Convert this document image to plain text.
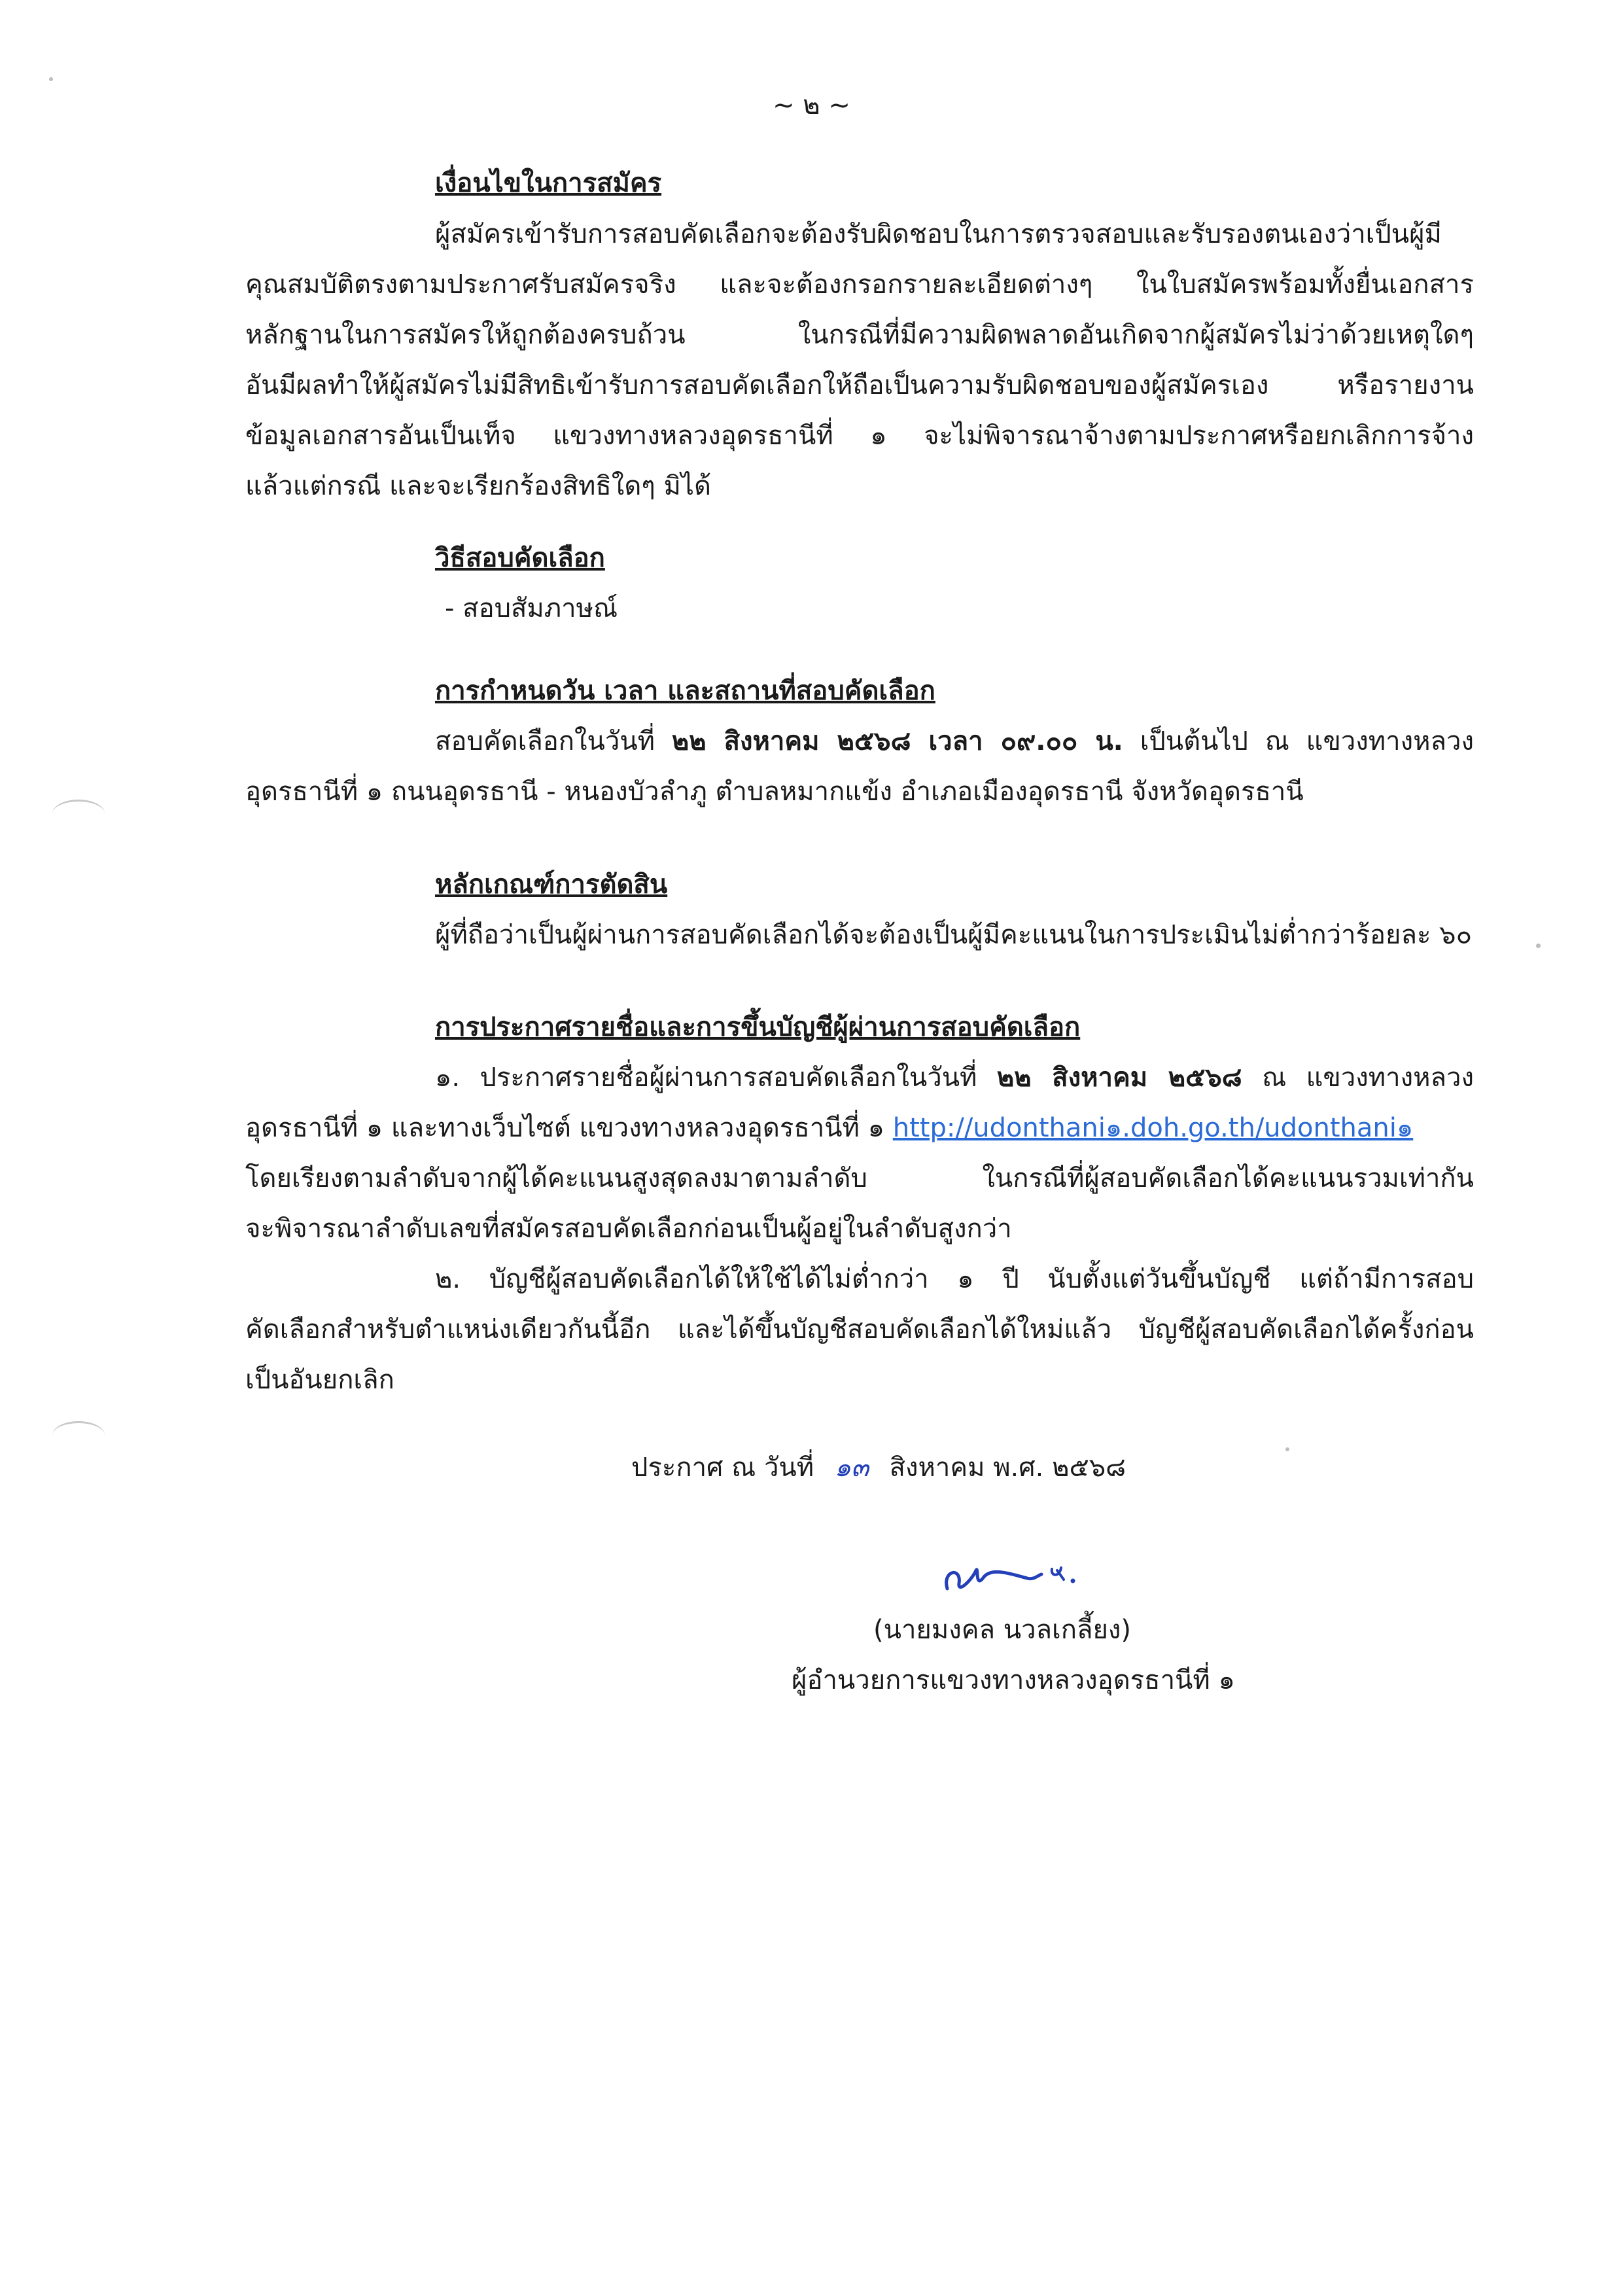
~ ๒ ~
เงื่อนไขในการสมัคร
ผู้สมัครเข้ารับการสอบคัดเลือกจะต้องรับผิดชอบในการตรวจสอบและรับรองตนเองว่าเป็นผู้มี
คุณสมบัติตรงตามประกาศรับสมัครจริง และจะต้องกรอกรายละเอียดต่างๆ ในใบสมัครพร้อมทั้งยื่นเอกสาร
หลักฐานในการสมัครให้ถูกต้องครบถ้วน ในกรณีที่มีความผิดพลาดอันเกิดจากผู้สมัครไม่ว่าด้วยเหตุใดๆ
อันมีผลทำให้ผู้สมัครไม่มีสิทธิเข้ารับการสอบคัดเลือกให้ถือเป็นความรับผิดชอบของผู้สมัครเอง หรือรายงาน
ข้อมูลเอกสารอันเป็นเท็จ แขวงทางหลวงอุดรธานีที่ ๑ จะไม่พิจารณาจ้างตามประกาศหรือยกเลิกการจ้าง
แล้วแต่กรณี และจะเรียกร้องสิทธิใดๆ มิได้
วิธีสอบคัดเลือก
- สอบสัมภาษณ์
การกำหนดวัน เวลา และสถานที่สอบคัดเลือก
สอบคัดเลือกในวันที่ ๒๒ สิงหาคม ๒๕๖๘ เวลา ๐๙.๐๐ น. เป็นต้นไป ณ แขวงทางหลวง
อุดรธานีที่ ๑ ถนนอุดรธานี - หนองบัวลำภู ตำบลหมากแข้ง อำเภอเมืองอุดรธานี จังหวัดอุดรธานี
หลักเกณฑ์การตัดสิน
ผู้ที่ถือว่าเป็นผู้ผ่านการสอบคัดเลือกได้จะต้องเป็นผู้มีคะแนนในการประเมินไม่ต่ำกว่าร้อยละ ๖๐
การประกาศรายชื่อและการขึ้นบัญชีผู้ผ่านการสอบคัดเลือก
๑. ประกาศรายชื่อผู้ผ่านการสอบคัดเลือกในวันที่ ๒๒ สิงหาคม ๒๕๖๘ ณ แขวงทางหลวง
อุดรธานีที่ ๑ และทางเว็บไซต์ แขวงทางหลวงอุดรธานีที่ ๑ http://udonthani๑.doh.go.th/udonthani๑
โดยเรียงตามลำดับจากผู้ได้คะแนนสูงสุดลงมาตามลำดับ ในกรณีที่ผู้สอบคัดเลือกได้คะแนนรวมเท่ากัน
จะพิจารณาลำดับเลขที่สมัครสอบคัดเลือกก่อนเป็นผู้อยู่ในลำดับสูงกว่า
๒. บัญชีผู้สอบคัดเลือกได้ให้ใช้ได้ไม่ต่ำกว่า ๑ ปี นับตั้งแต่วันขึ้นบัญชี แต่ถ้ามีการสอบ
คัดเลือกสำหรับตำแหน่งเดียวกันนี้อีก และได้ขึ้นบัญชีสอบคัดเลือกได้ใหม่แล้ว บัญชีผู้สอบคัดเลือกได้ครั้งก่อน
เป็นอันยกเลิก
ประกาศ ณ วันที่ ๑๓ สิงหาคม พ.ศ. ๒๕๖๘
(นายมงคล นวลเกลี้ยง)
ผู้อำนวยการแขวงทางหลวงอุดรธานีที่ ๑
